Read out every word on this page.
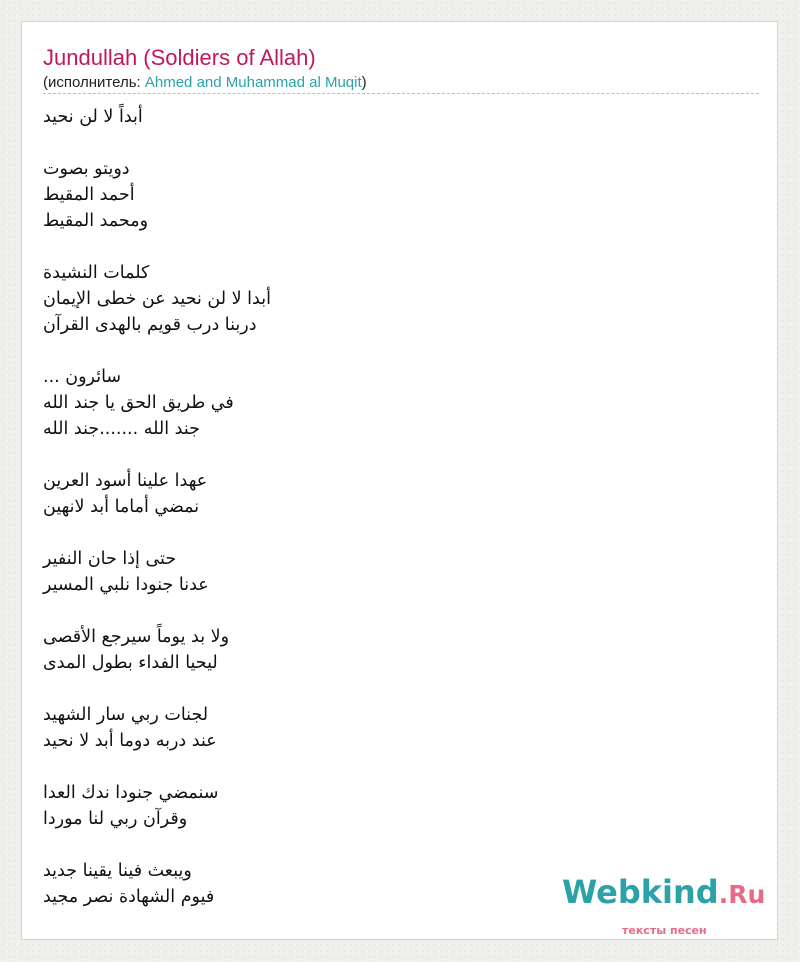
Jundullah (Soldiers of Allah)
(исполнитель: Ahmed and Muhammad al Muqit)
أبداً لا لن نحيد
دويتو بصوت
أحمد المقيط
ومحمد المقيط
كلمات النشيدة
أبدا لا لن نحيد عن خطى الإيمان
دربنا درب قويم بالهدى القرآن
سائرون ...
في طريق الحق يا جند الله
جند الله .......جند الله
عهدا علينا أسود العرين
نمضي أماما أبد لانهين
حتى إذا حان النفير
عدنا جنودا نلبي المسير
ولا بد يوماً سيرجع الأقصى
ليحيا الفداء بطول المدى
لجنات ربي سار الشهيد
عند دربه دوما أبد لا نحيد
سنمضي جنودا ندك العدا
وقرآن ربي لنا موردا
ويبعث فينا يقينا جديد
فيوم الشهادة نصر مجيد	Webkind.Ru
тексты песен
